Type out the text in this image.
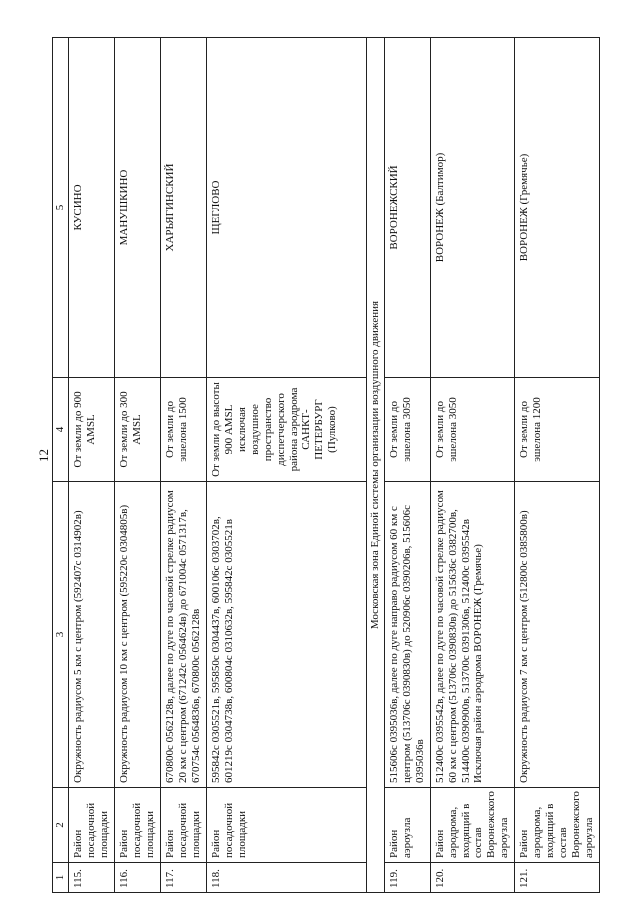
12
1	2	3	4	5
115.	Район посадочной площадки	Окружность радиусом 5 км с центром (592407с 0314902в)	От земли до 900 AMSL	КУСИНО
116.	Район посадочной площадки	Окружность радиусом 10 км с центром (595220с 0304805в)	От земли до 300 AMSL	МАНУШКИНО
117.	Район посадочной площадки	670800с 0562128в, далее по дуге по часовой стрелке радиусом 20 км с центром (671242с 0564624в) до 671004с 0571317в, 670754с 0564836в, 670800с 0562128в	От земли до эшелона 1500	ХАРЬЯГИНСКИЙ
118.	Район посадочной площадки	595842с 0305521в, 595850с 0304437в, 600106с 0303702в, 601219с 0304738в, 600804с 0310632в, 595842с 0305521в	От земли до высоты 900 AMSL исключая воздушное пространство диспетчерского района аэродрома САНКТ-ПЕТЕРБУРГ (Пулково)	ЩЕГЛОВО
Московская зона Единой системы организации воздушного движения				
119.	Район аэроузла	515606с 0395036в, далее по дуге направо радиусом 60 км с центром (513706с 0390830в) до 520906с 0390206в, 515606с 0395036в	От земли до эшелона 3050	ВОРОНЕЖСКИЙ
120.	Район аэродрома, входящий в состав Воронежского аэроузла	512400с 0395542в, далее по дуге по часовой стрелке радиусом 60 км с центром (513706с 0390830в) до 515636с 0382700в, 514400с 0390900в, 513700с 0391306в, 512400с 0395542в Исключая район аэродрома ВОРОНЕЖ (Гремячье)	От земли до эшелона 3050	ВОРОНЕЖ (Балтимор)
121.	Район аэродрома, входящий в состав Воронежского аэроузла	Окружность радиусом 7 км с центром (512800с 0385800в)	От земли до эшелона 1200	ВОРОНЕЖ (Гремячье)
